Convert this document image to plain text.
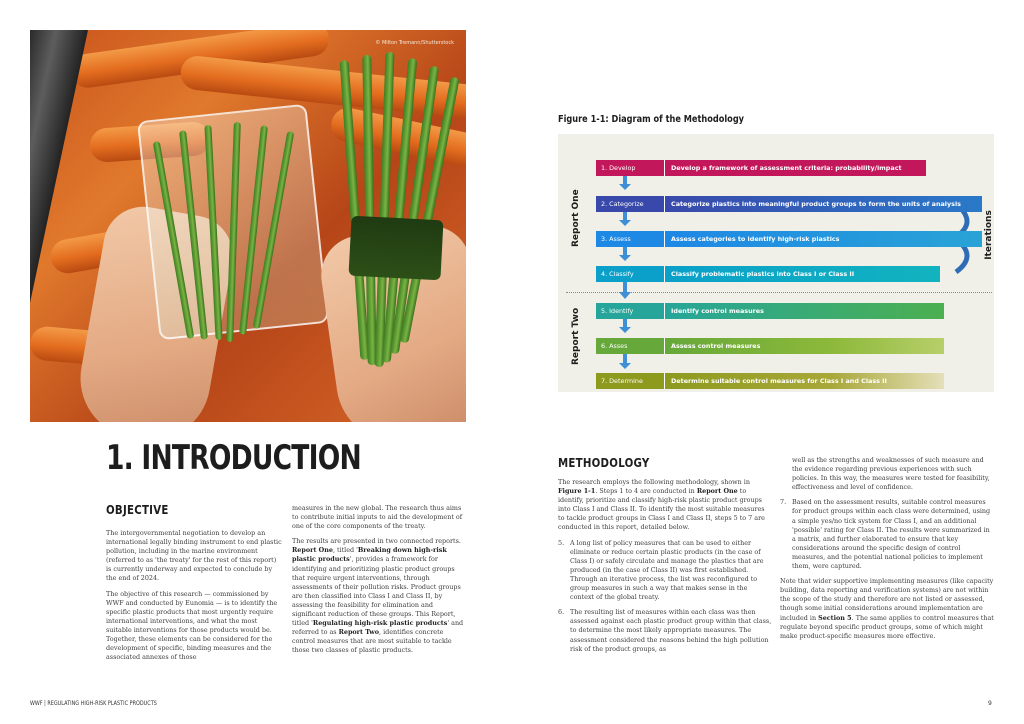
© Milton Tremann/Shutterstock
1. INTRODUCTION
OBJECTIVE

The intergovernmental negotiation to develop an international legally binding instrument to end plastic pollution, including in the marine environment (referred to as 'the treaty' for the rest of this report) is currently underway and expected to conclude by the end of 2024.

The objective of this research — commissioned by WWF and conducted by Eunomia — is to identify the specific plastic products that most urgently require international interventions, and what the most suitable interventions for those products would be. Together, these elements can be considered for the development of specific, binding measures and the associated annexes of those

measures in the new global. The research thus aims to contribute initial inputs to aid the development of one of the core components of the treaty.

The results are presented in two connected reports. Report One, titled 'Breaking down high-risk plastic products', provides a framework for identifying and prioritizing plastic product groups that require urgent interventions, through assessments of their pollution risks. Product groups are then classified into Class I and Class II, by assessing the feasibility for elimination and significant reduction of these groups. This Report, titled 'Regulating high-risk plastic products' and referred to as Report Two, identifies concrete control measures that are most suitable to tackle those two classes of plastic products.

Figure 1-1: Diagram of the Methodology
Report One
Report Two
Iterations
1. Develop	Develop a framework of assessment criteria: probability/impact
2. Categorize	Categorize plastics into meaningful product groups to form the units of analysis
3. Assess	Assess categories to identify high-risk plastics
4. Classify	Classify problematic plastics into Class I or Class II
5. Identify	Identify control measures
6. Asses	Assess control measures
7. Determine	Determine suitable control measures for Class I and Class II
METHODOLOGY

The research employs the following methodology, shown in Figure 1-1. Steps 1 to 4 are conducted in Report One to identify, prioritize and classify high-risk plastic product groups into Class I and Class II. To identify the most suitable measures to tackle product groups in Class I and Class II, steps 5 to 7 are conducted in this report, detailed below.

5. A long list of policy measures that can be used to either eliminate or reduce certain plastic products (in the case of Class I) or safely circulate and manage the plastics that are produced (in the case of Class II) was first established. Through an iterative process, the list was reconfigured to group measures in such a way that makes sense in the context of the global treaty.
6. The resulting list of measures within each class was then assessed against each plastic product group within that class, to determine the most likely appropriate measures. The assessment considered the reasons behind the high pollution risk of the product groups, as

well as the strengths and weaknesses of such measure and the evidence regarding previous experiences with such policies. In this way, the measures were tested for feasibility, effectiveness and level of confidence.

7. Based on the assessment results, suitable control measures for product groups within each class were determined, using a simple yes/no tick system for Class I, and an additional 'possible' rating for Class II. The results were summarized in a matrix, and further elaborated to ensure that key considerations around the specific design of control measures, and the potential national policies to implement them, were captured.

Note that wider supportive implementing measures (like capacity building, data reporting and verification systems) are not within the scope of the study and therefore are not listed or assessed, though some initial considerations around implementation are included in Section 5. The same applies to control measures that regulate beyond specific product groups, some of which might make product-specific measures more effective.

WWF | REGULATING HIGH-RISK PLASTIC PRODUCTS	9
